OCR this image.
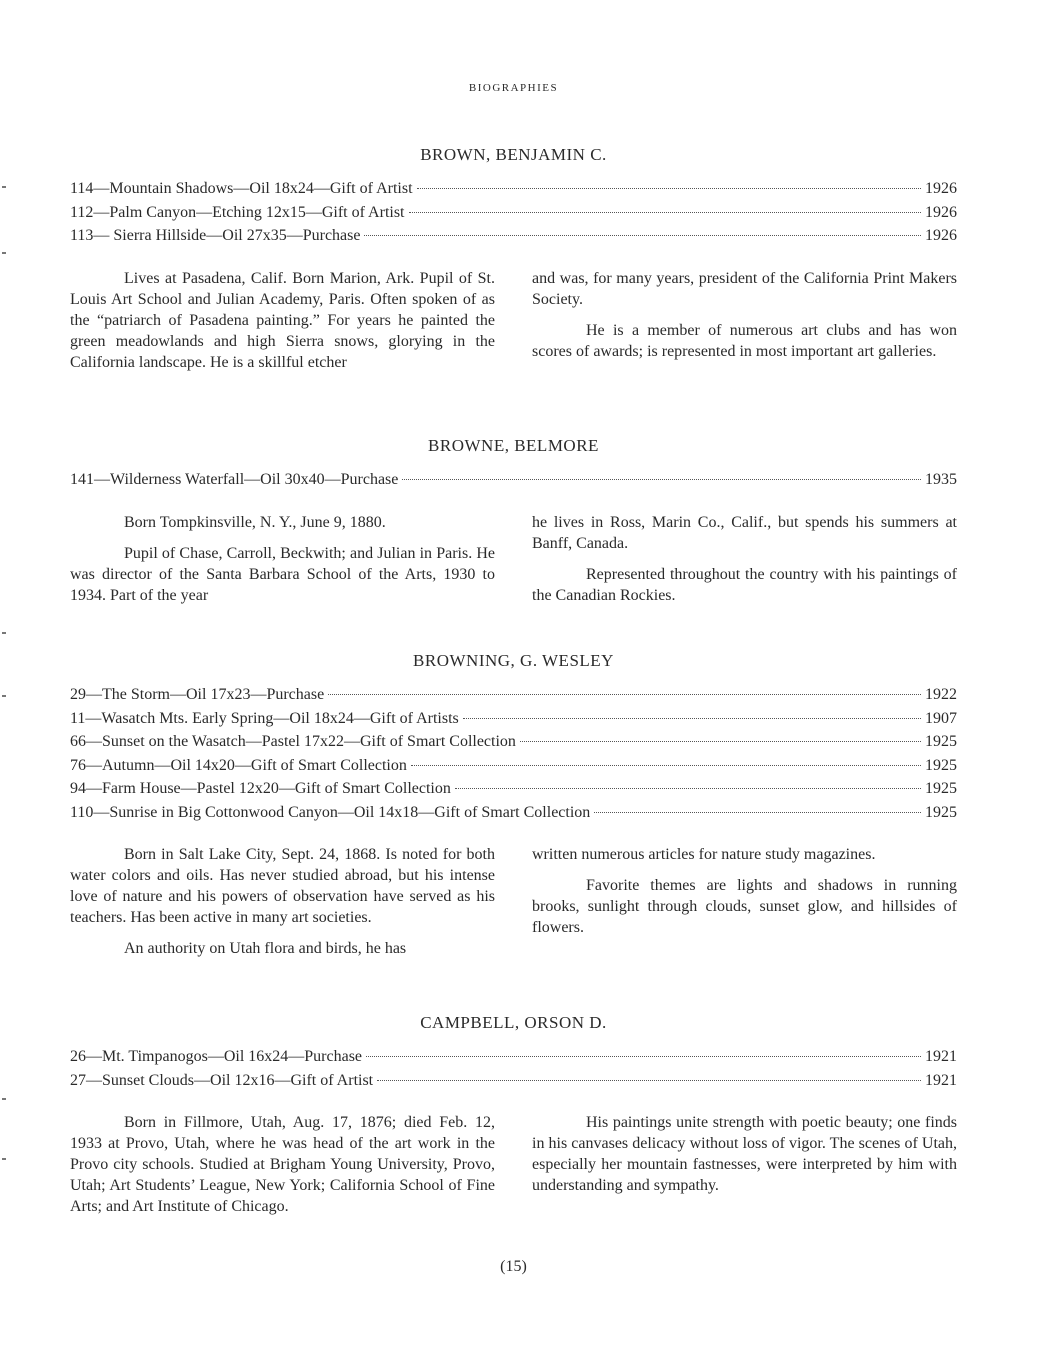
BIOGRAPHIES
BROWN, BENJAMIN C.
114—Mountain Shadows—Oil 18x24—Gift of Artist	1926
112—Palm Canyon—Etching 12x15—Gift of Artist	1926
113— Sierra Hillside—Oil 27x35—Purchase	1926

Lives at Pasadena, Calif. Born Marion, Ark. Pupil of St. Louis Art School and Julian Academy, Paris. Often spoken of as the “patriarch of Pasadena painting.” For years he painted the green meadowlands and high Sierra snows, glorying in the California landscape. He is a skillful etcher

and was, for many years, president of the California Print Makers Society.

He is a member of numerous art clubs and has won scores of awards; is represented in most important art galleries.

BROWNE, BELMORE
141—Wilderness Waterfall—Oil 30x40—Purchase	1935

Born Tompkinsville, N. Y., June 9, 1880.

Pupil of Chase, Carroll, Beckwith; and Julian in Paris. He was director of the Santa Barbara School of the Arts, 1930 to 1934. Part of the year

he lives in Ross, Marin Co., Calif., but spends his summers at Banff, Canada.

Represented throughout the country with his paintings of the Canadian Rockies.

BROWNING, G. WESLEY
29—The Storm—Oil 17x23—Purchase	1922
11—Wasatch Mts. Early Spring—Oil 18x24—Gift of Artists	1907
66—Sunset on the Wasatch—Pastel 17x22—Gift of Smart Collection	1925
76—Autumn—Oil 14x20—Gift of Smart Collection	1925
94—Farm House—Pastel 12x20—Gift of Smart Collection	1925
110—Sunrise in Big Cottonwood Canyon—Oil 14x18—Gift of Smart Collection	1925

Born in Salt Lake City, Sept. 24, 1868. Is noted for both water colors and oils. Has never studied abroad, but his intense love of nature and his powers of observation have served as his teachers. Has been active in many art societies.

An authority on Utah flora and birds, he has

written numerous articles for nature study magazines.

Favorite themes are lights and shadows in running brooks, sunlight through clouds, sunset glow, and hillsides of flowers.

CAMPBELL, ORSON D.
26—Mt. Timpanogos—Oil 16x24—Purchase	1921
27—Sunset Clouds—Oil 12x16—Gift of Artist	1921

Born in Fillmore, Utah, Aug. 17, 1876; died Feb. 12, 1933 at Provo, Utah, where he was head of the art work in the Provo city schools. Studied at Brigham Young University, Provo, Utah; Art Students’ League, New York; California School of Fine Arts; and Art Institute of Chicago.

His paintings unite strength with poetic beauty; one finds in his canvases delicacy without loss of vigor. The scenes of Utah, especially her mountain fastnesses, were interpreted by him with understanding and sympathy.

(15)
